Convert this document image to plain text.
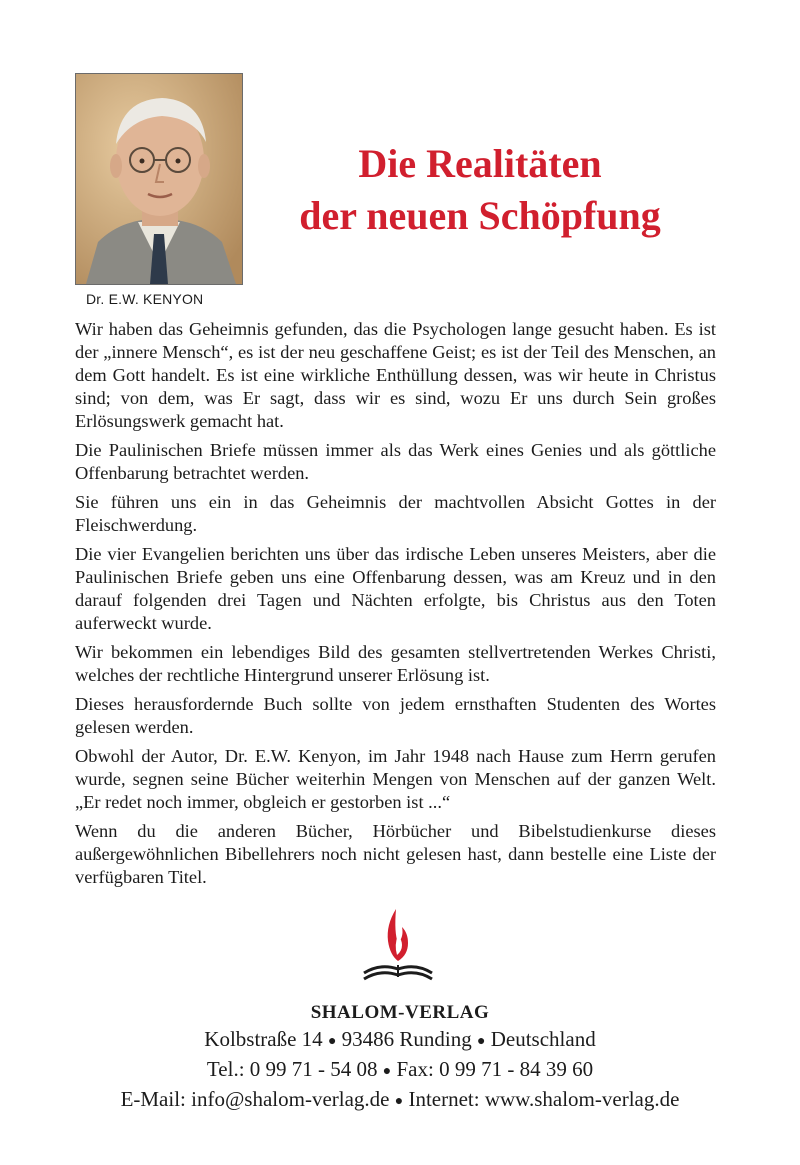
Dr. E.W. KENYON
Die Realitäten
der neuen Schöpfung

Wir haben das Geheimnis gefunden, das die Psychologen lange gesucht haben. Es ist der „innere Mensch“, es ist der neu geschaffene Geist; es ist der Teil des Menschen, an dem Gott handelt. Es ist eine wirkliche Enthüllung dessen, was wir heute in Christus sind; von dem, was Er sagt, dass wir es sind, wozu Er uns durch Sein großes Erlösungswerk gemacht hat.

Die Paulinischen Briefe müssen immer als das Werk eines Genies und als göttliche Offenbarung betrachtet werden.

Sie führen uns ein in das Geheimnis der machtvollen Absicht Gottes in der Fleischwerdung.

Die vier Evangelien berichten uns über das irdische Leben unseres Meisters, aber die Paulinischen Briefe geben uns eine Offenbarung dessen, was am Kreuz und in den darauf folgenden drei Tagen und Nächten erfolgte, bis Christus aus den Toten auferweckt wurde.

Wir bekommen ein lebendiges Bild des gesamten stellvertretenden Werkes Christi, welches der rechtliche Hintergrund unserer Erlösung ist.

Dieses herausfordernde Buch sollte von jedem ernsthaften Studenten des Wortes gelesen werden.

Obwohl der Autor, Dr. E.W. Kenyon, im Jahr 1948 nach Hause zum Herrn gerufen wurde, segnen seine Bücher weiterhin Mengen von Menschen auf der ganzen Welt. „Er redet noch immer, obgleich er gestorben ist ...“

Wenn du die anderen Bücher, Hörbücher und Bibelstudienkurse dieses außergewöhnlichen Bibellehrers noch nicht gelesen hast, dann bestelle eine Liste der verfügbaren Titel.

SHALOM-VERLAG
Kolbstraße 14 ● 93486 Runding ● Deutschland
Tel.: 0 99 71 - 54 08 ● Fax: 0 99 71 - 84 39 60
E-Mail: info@shalom-verlag.de ● Internet: www.shalom-verlag.de
